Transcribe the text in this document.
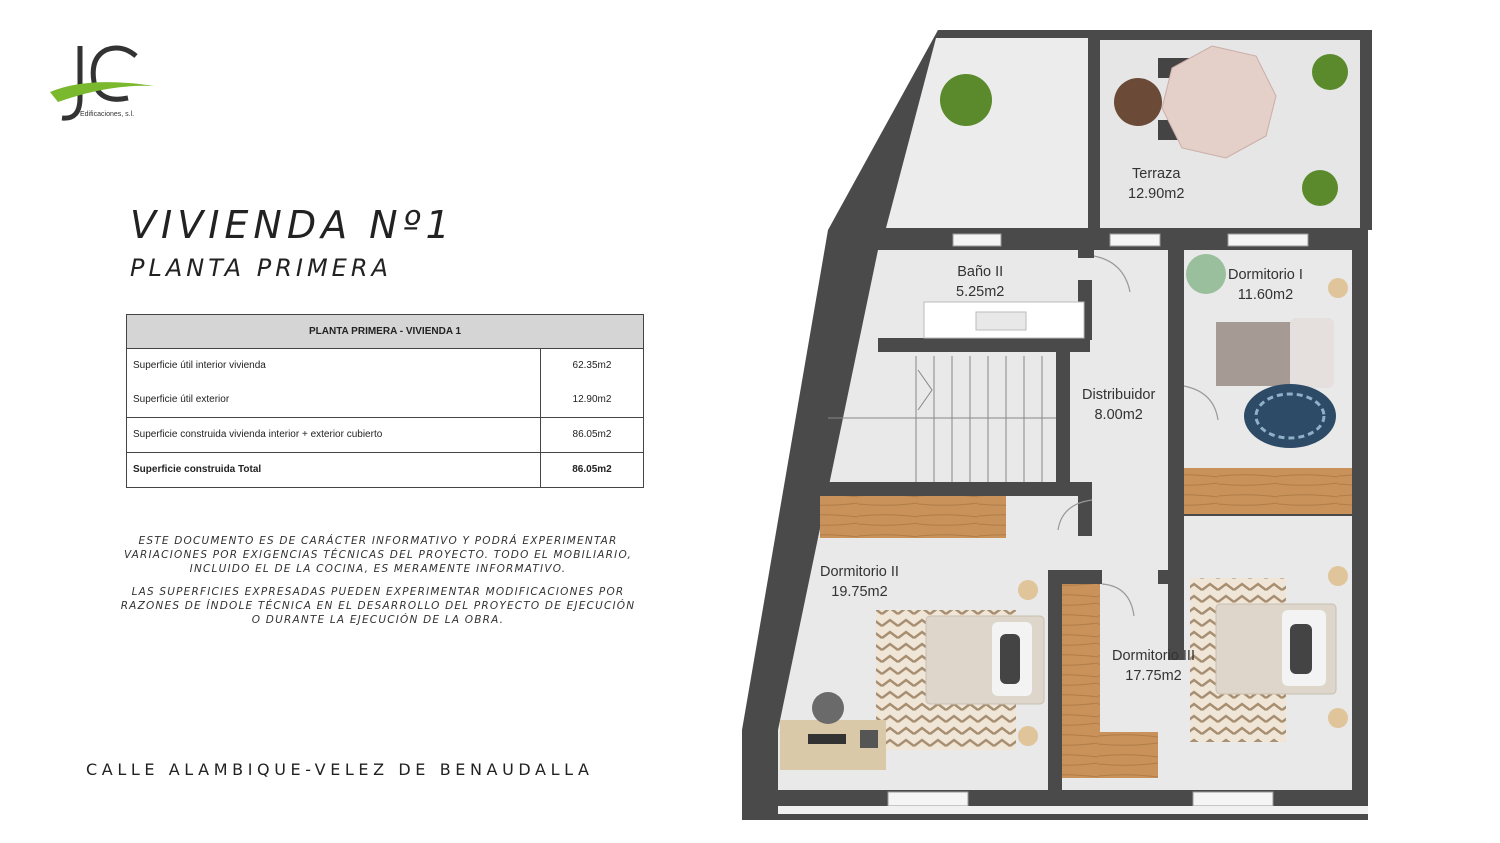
Edificaciones, s.l.
VIVIENDA Nº1
PLANTA PRIMERA
PLANTA PRIMERA - VIVIENDA 1
Superficie útil interior vivienda	62.35m2
Superficie útil exterior	12.90m2
Superficie construida vivienda interior + exterior cubierto	86.05m2
Superficie construida Total	86.05m2

ESTE DOCUMENTO ES DE CARÁCTER INFORMATIVO Y PODRÁ EXPERIMENTAR VARIACIONES POR EXIGENCIAS TÉCNICAS DEL PROYECTO. TODO EL MOBILIARIO, INCLUIDO EL DE LA COCINA, ES MERAMENTE INFORMATIVO.

LAS SUPERFICIES EXPRESADAS PUEDEN EXPERIMENTAR MODIFICACIONES POR RAZONES DE ÍNDOLE TÉCNICA EN EL DESARROLLO DEL PROYECTO DE EJECUCIÓN O DURANTE LA EJECUCIÓN DE LA OBRA.

CALLE ALAMBIQUE-VELEZ DE BENAUDALLA
Terraza
12.90m2
Baño II
5.25m2
Dormitorio I
11.60m2
Distribuidor
8.00m2
Dormitorio II
19.75m2
Dormitorio III
17.75m2
